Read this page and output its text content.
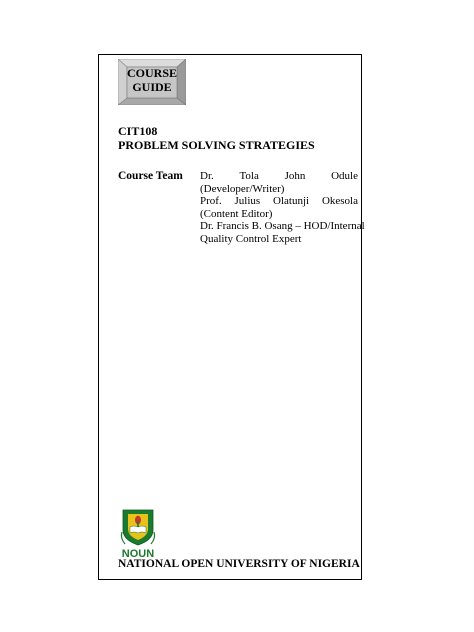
COURSE
GUIDE
CIT108
PROBLEM SOLVING STRATEGIES
Course Team Dr. Tola John Odule
(Developer/Writer)
Prof. Julius Olatunji Okesola
(Content Editor)
Dr. Francis B. Osang – HOD/Internal
Quality Control Expert
NOUN
NATIONAL OPEN UNIVERSITY OF NIGERIA
